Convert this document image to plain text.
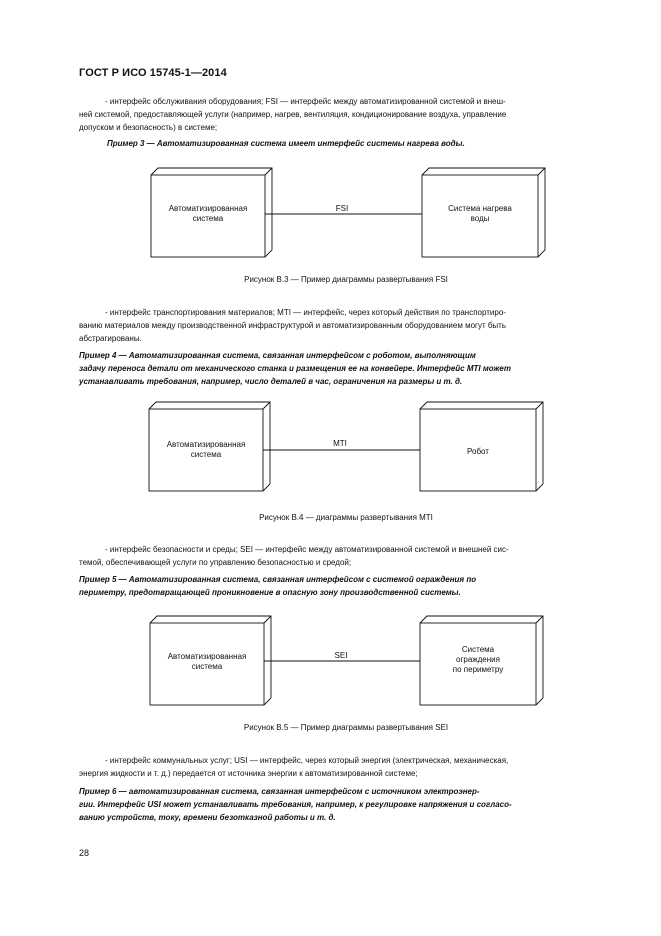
ГОСТ Р ИСО 15745-1—2014
- интерфейс обслуживания оборудования; FSI — интерфейс между автоматизированной системой и внеш-
ней системой, предоставляющей услуги (например, нагрев, вентиляция, кондиционирование воздуха, управление
допуском и безопасность) в системе;
Пример 3 — Автоматизированная система имеет интерфейс системы нагрева воды.
Автоматизированная
система
FSI	Система нагрева
воды
Рисунок В.3 — Пример диаграммы развертывания FSI
- интерфейс транспортирования материалов; MTI — интерфейс, через который действия по транспортиро-
ванию материалов между производственной инфраструктурой и автоматизированным оборудованием могут быть
абстрагированы.
Пример 4 — Автоматизированная система, связанная интерфейсом с роботом, выполняющим
задачу переноса детали от механического станка и размещения ее на конвейере. Интерфейс MTI может
устанавливать требования, например, число деталей в час, ограничения на размеры и т. д.
Автоматизированная
система
MTI
Робот
Рисунок В.4 — диаграммы развертывания MTI
- интерфейс безопасности и среды; SEI — интерфейс между автоматизированной системой и внешней сис-
темой, обеспечивающей услуги по управлению безопасностью и средой;
Пример 5 — Автоматизированная система, связанная интерфейсом с системой ограждения по
периметру, предотвращающей проникновение в опасную зону производственной системы.
Автоматизированная
система
SEI
Система
ограждения
по периметру
Рисунок В.5 — Пример диаграммы развертывания SEI
- интерфейс коммунальных услуг; USI — интерфейс, через который энергия (электрическая, механическая,
энергия жидкости и т. д.) передается от источника энергии к автоматизированной системе;
Пример 6 — автоматизированная система, связанная интерфейсом с источником электроэнер-
гии. Интерфейс USI может устанавливать требования, например, к регулировке напряжения и согласо-
ванию устройств, току, времени безотказной работы и т. д.
28
